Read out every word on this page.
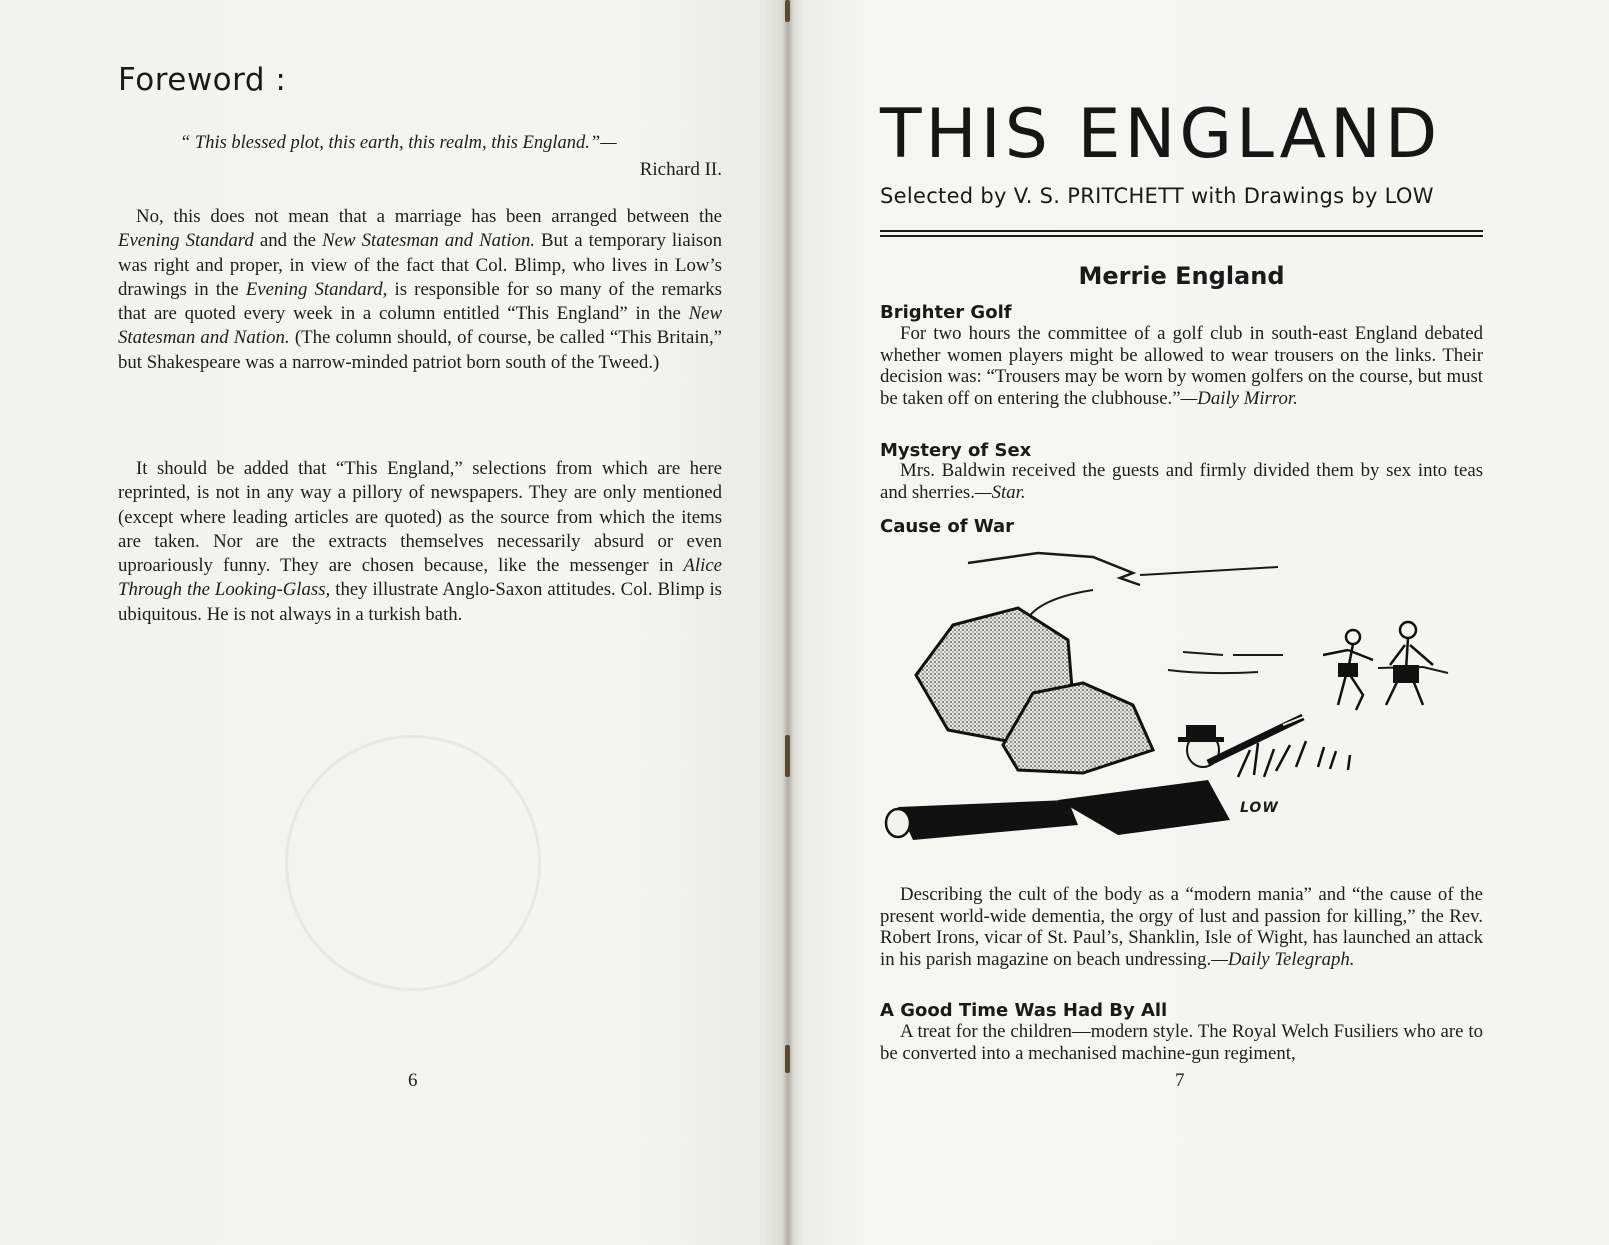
Foreword :

“ This blessed plot, this earth, this realm, this England.”—

Richard II.

No, this does not mean that a marriage has been arranged between the Evening Standard and the New Statesman and Nation. But a temporary liaison was right and proper, in view of the fact that Col. Blimp, who lives in Low’s drawings in the Evening Standard, is responsible for so many of the remarks that are quoted every week in a column entitled “This England” in the New Statesman and Nation. (The column should, of course, be called “This Britain,” but Shakespeare was a narrow-minded patriot born south of the Tweed.)

It should be added that “This England,” selections from which are here reprinted, is not in any way a pillory of newspapers. They are only mentioned (except where leading articles are quoted) as the source from which the items are taken. Nor are the extracts themselves necessarily absurd or even uproariously funny. They are chosen because, like the messenger in Alice Through the Looking-Glass, they illustrate Anglo-Saxon attitudes. Col. Blimp is ubiquitous. He is not always in a turkish bath.

6

THIS ENGLAND

Selected by V. S. PRITCHETT with Drawings by LOW

Merrie England
Brighter Golf

For two hours the committee of a golf club in south-east England debated whether women players might be allowed to wear trousers on the links. Their decision was: “Trousers may be worn by women golfers on the course, but must be taken off on entering the clubhouse.”—Daily Mirror.

Mystery of Sex

Mrs. Baldwin received the guests and firmly divided them by sex into teas and sherries.—Star.

Cause of War

LOW

Describing the cult of the body as a “modern mania” and “the cause of the present world-wide dementia, the orgy of lust and passion for killing,” the Rev. Robert Irons, vicar of St. Paul’s, Shanklin, Isle of Wight, has launched an attack in his parish magazine on beach undressing.—Daily Telegraph.

A Good Time Was Had By All

A treat for the children—modern style. The Royal Welch Fusiliers who are to be converted into a mechanised machine-gun regiment,

7
